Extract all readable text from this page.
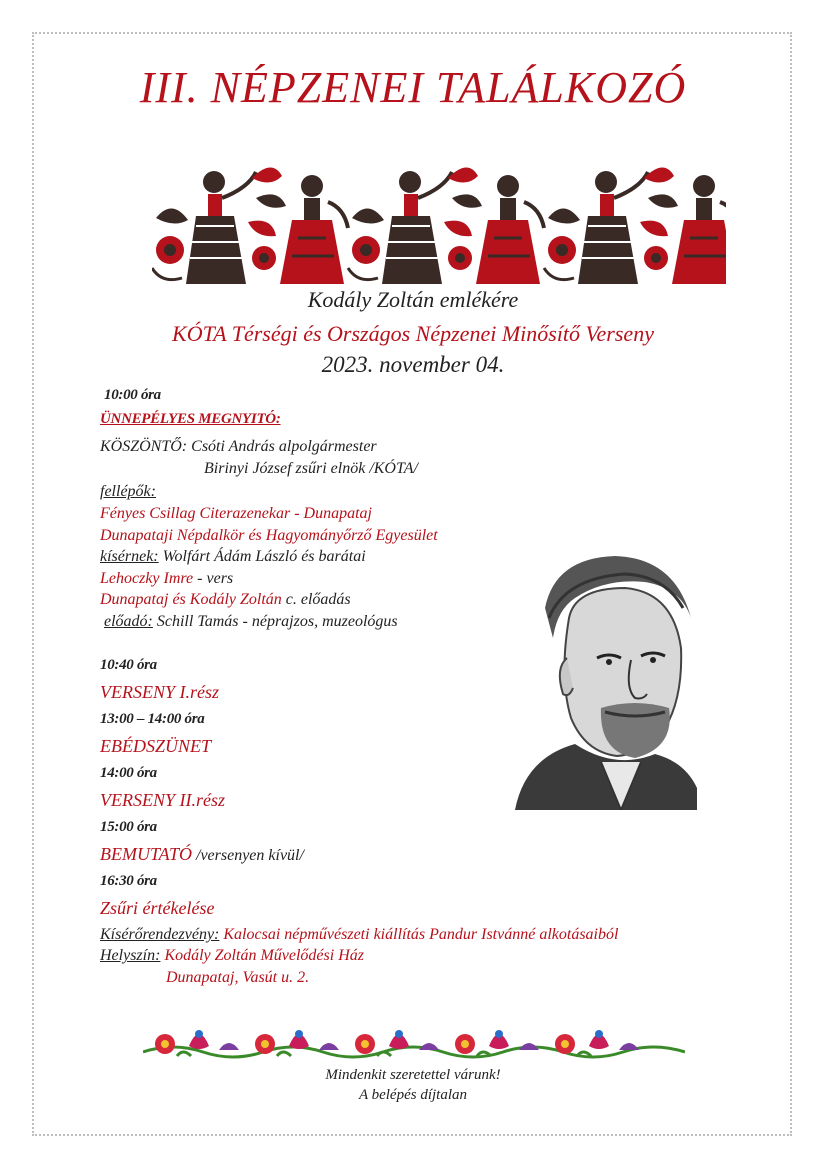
III. NÉPZENEI TALÁLKOZÓ
Kodály Zoltán emlékére
KÓTA Térségi és Országos Népzenei Minősítő Verseny
2023. november 04.
10:00 óra
ÜNNEPÉLYES MEGNYITÓ:
KÖSZÖNTŐ: Csóti András alpolgármester
Birinyi József zsűri elnök /KÓTA/
fellépők:
Fényes Csillag Citerazenekar - Dunapataj
Dunapataji Népdalkör és Hagyományőrző Egyesület
kísérnek: Wolfárt Ádám László és barátai
Lehoczky Imre - vers
Dunapataj és Kodály Zoltán c. előadás
előadó: Schill Tamás - néprajzos, muzeológus
10:40 óra
VERSENY I.rész
13:00 – 14:00 óra
EBÉDSZÜNET
14:00 óra
VERSENY II.rész
15:00 óra
BEMUTATÓ /versenyen kívül/
16:30 óra
Zsűri értékelése
Kísérőrendezvény: Kalocsai népművészeti kiállítás Pandur Istvánné alkotásaiból
Helyszín: Kodály Zoltán Művelődési Ház
Dunapataj, Vasút u. 2.
Mindenkit szeretettel várunk!
A belépés díjtalan
